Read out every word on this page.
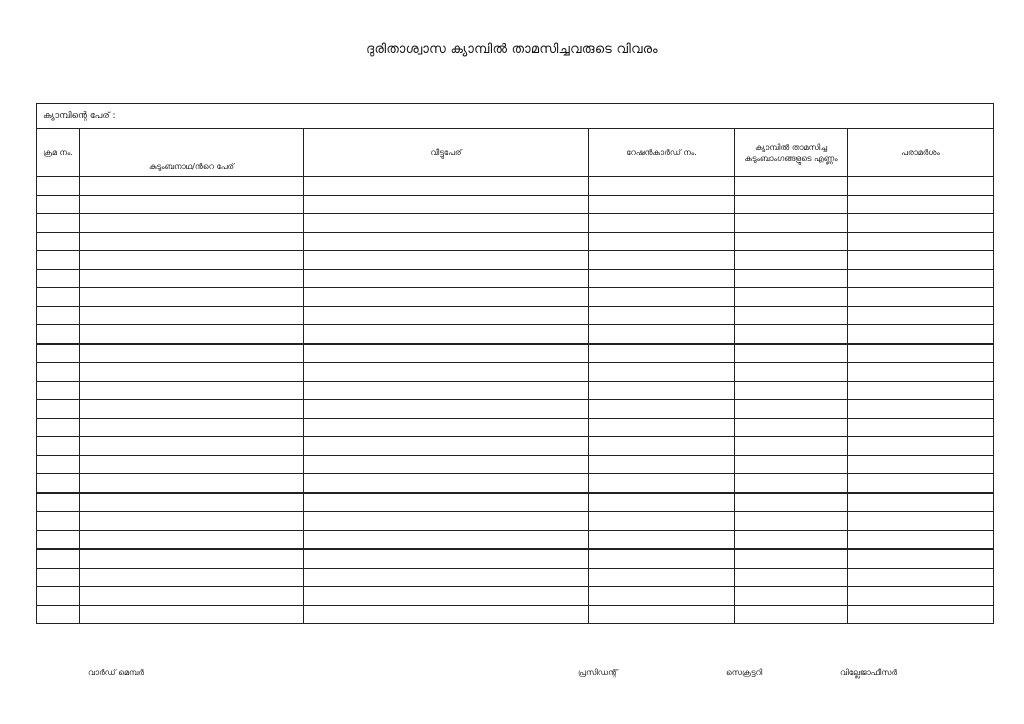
ദുരിതാശ്വാസ ക്യാമ്പിൽ താമസിച്ചവരുടെ വിവരം
ക്യാമ്പിന്റെ പേര് :					
ക്രമ നം.	കുടുംബനാഥ/ൻറെ പേര്	വീട്ടുപേര്	റേഷൻകാർഡ് നം.	ക്യാമ്പിൽ താമസിച്ച കുടുംബാംഗങ്ങളുടെ എണ്ണം	പരാമർശം

വാർഡ് മെമ്പർ	പ്രസിഡന്റ്	സെക്രട്ടറി	വില്ലേജാഫീസർ
